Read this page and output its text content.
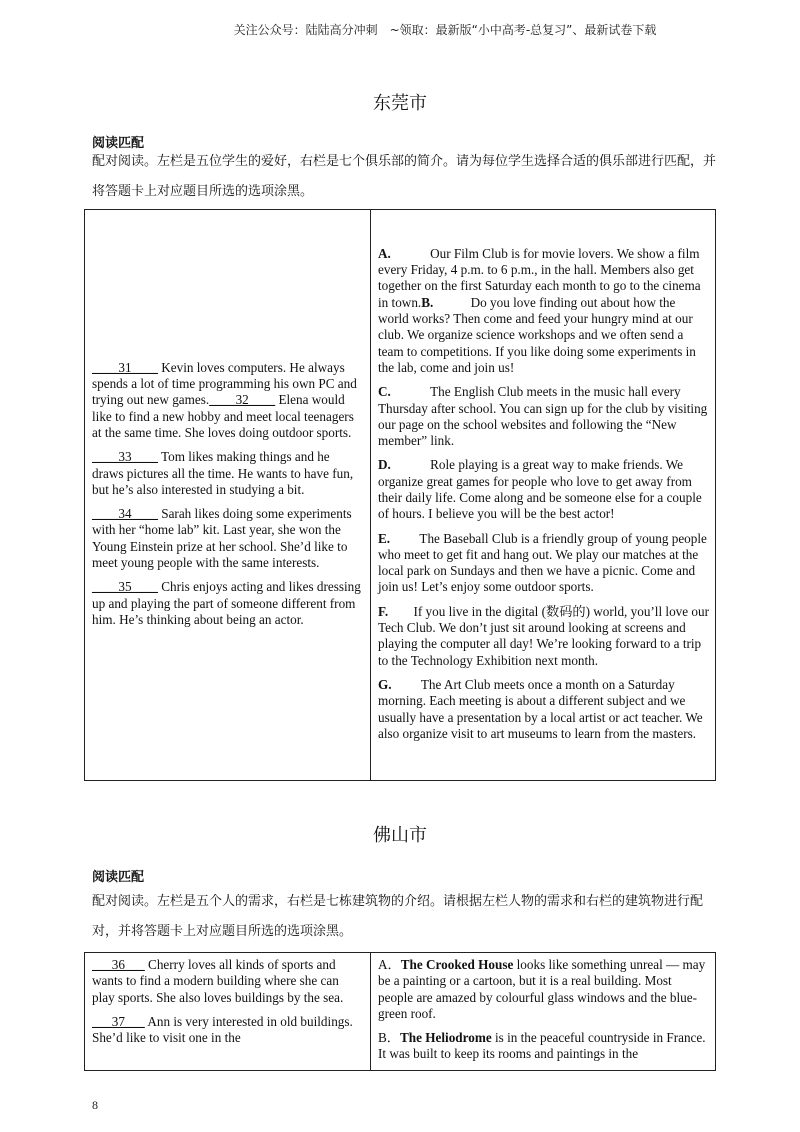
关注公众号：陆陆高分冲刺　~领取：最新版“小中高考-总复习”、最新试卷下载
东莞市
阅读匹配
配对阅读。左栏是五位学生的爱好，右栏是七个俱乐部的简介。请为每位学生选择合适的俱乐部进行匹配，并将答题卡上对应题目所选的选项涂黑。
____31____ Kevin loves computers. He always spends a lot of time programming his own PC and trying out new games.____32____ Elena would like to find a new hobby and meet local teenagers at the same time. She loves doing outdoor sports.
____33____ Tom likes making things and he draws pictures all the time. He wants to have fun, but he’s also interested in studying a bit.
____34____ Sarah likes doing some experiments with her “home lab” kit. Last year, she won the Young Einstein prize at her school. She’d like to meet young people with the same interests.
____35____ Chris enjoys acting and likes dressing up and playing the part of someone different from him. He’s thinking about being an actor.

A.	Our Film Club is for movie lovers. We show a film every Friday, 4 p.m. to 6 p.m., in the hall. Members also get together on the first Saturday each month to go to the cinema in town.B.	Do you love finding out about how the world works? Then come and feed your hungry mind at our club. We organize science workshops and we often send a team to competitions. If you like doing some experiments in the lab, come and join us!
C.	The English Club meets in the music hall every Thursday after school. You can sign up for the club by visiting our page on the school websites and following the “New member” link.
D.	Role playing is a great way to make friends. We organize great games for people who love to get away from their daily life. Come along and be someone else for a couple of hours. I believe you will be the best actor!
E. The Baseball Club is a friendly group of young people who meet to get fit and hang out. We play our matches at the local park on Sundays and then we have a picnic. Come and join us! Let’s enjoy some outdoor sports.
F. If you live in the digital (数码的) world, you’ll love our Tech Club. We don’t just sit around looking at screens and playing the computer all day! We’re looking forward to a trip to the Technology Exhibition next month.
G. The Art Club meets once a month on a Saturday morning. Each meeting is about a different subject and we usually have a presentation by a local artist or act teacher. We also organize visit to art museums to learn from the masters.
佛山市
阅读匹配
配对阅读。左栏是五个人的需求，右栏是七栋建筑物的介绍。请根据左栏人物的需求和右栏的建筑物进行配对，并将答题卡上对应题目所选的选项涂黑。
___36___ Cherry loves all kinds of sports and wants to find a modern building where she can play sports. She also loves buildings by the sea.
___37___ Ann is very interested in old buildings. She’d like to visit one in the

A．The Crooked House looks like something unreal — may be a painting or a cartoon, but it is a real building. Most people are amazed by colourful glass windows and the blue-green roof.
B．The Heliodrome is in the peaceful countryside in France. It was built to keep its rooms and paintings in the
8
